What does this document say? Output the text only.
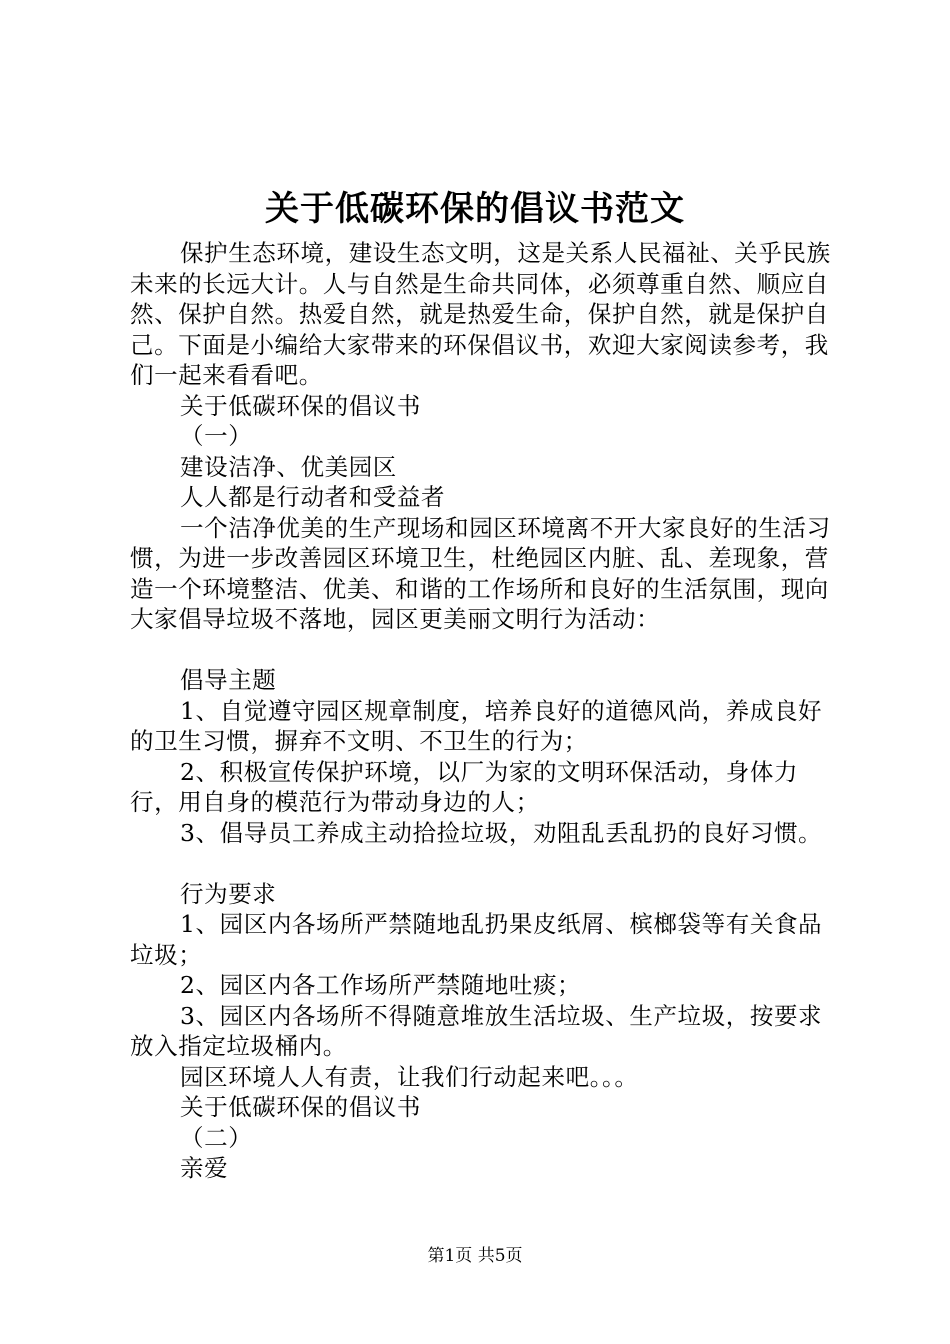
关于低碳环保的倡议书范文

保护生态环境，建设生态文明，这是关系人民福祉、关乎民族未来的长远大计。人与自然是生命共同体，必须尊重自然、顺应自然、保护自然。热爱自然，就是热爱生命，保护自然，就是保护自己。下面是小编给大家带来的环保倡议书，欢迎大家阅读参考，我们一起来看看吧。

关于低碳环保的倡议书

（一）

建设洁净、优美园区

人人都是行动者和受益者

一个洁净优美的生产现场和园区环境离不开大家良好的生活习惯，为进一步改善园区环境卫生，杜绝园区内脏、乱、差现象，营造一个环境整洁、优美、和谐的工作场所和良好的生活氛围，现向大家倡导垃圾不落地，园区更美丽文明行为活动：

倡导主题

1、自觉遵守园区规章制度，培养良好的道德风尚，养成良好的卫生习惯，摒弃不文明、不卫生的行为；

2、积极宣传保护环境，以厂为家的文明环保活动，身体力行，用自身的模范行为带动身边的人；

3、倡导员工养成主动拾捡垃圾，劝阻乱丢乱扔的良好习惯。

行为要求

1、园区内各场所严禁随地乱扔果皮纸屑、槟榔袋等有关食品垃圾；

2、园区内各工作场所严禁随地吐痰；

3、园区内各场所不得随意堆放生活垃圾、生产垃圾，按要求放入指定垃圾桶内。

园区环境人人有责，让我们行动起来吧。。。

关于低碳环保的倡议书

（二）

亲爱

第1页 共5页
